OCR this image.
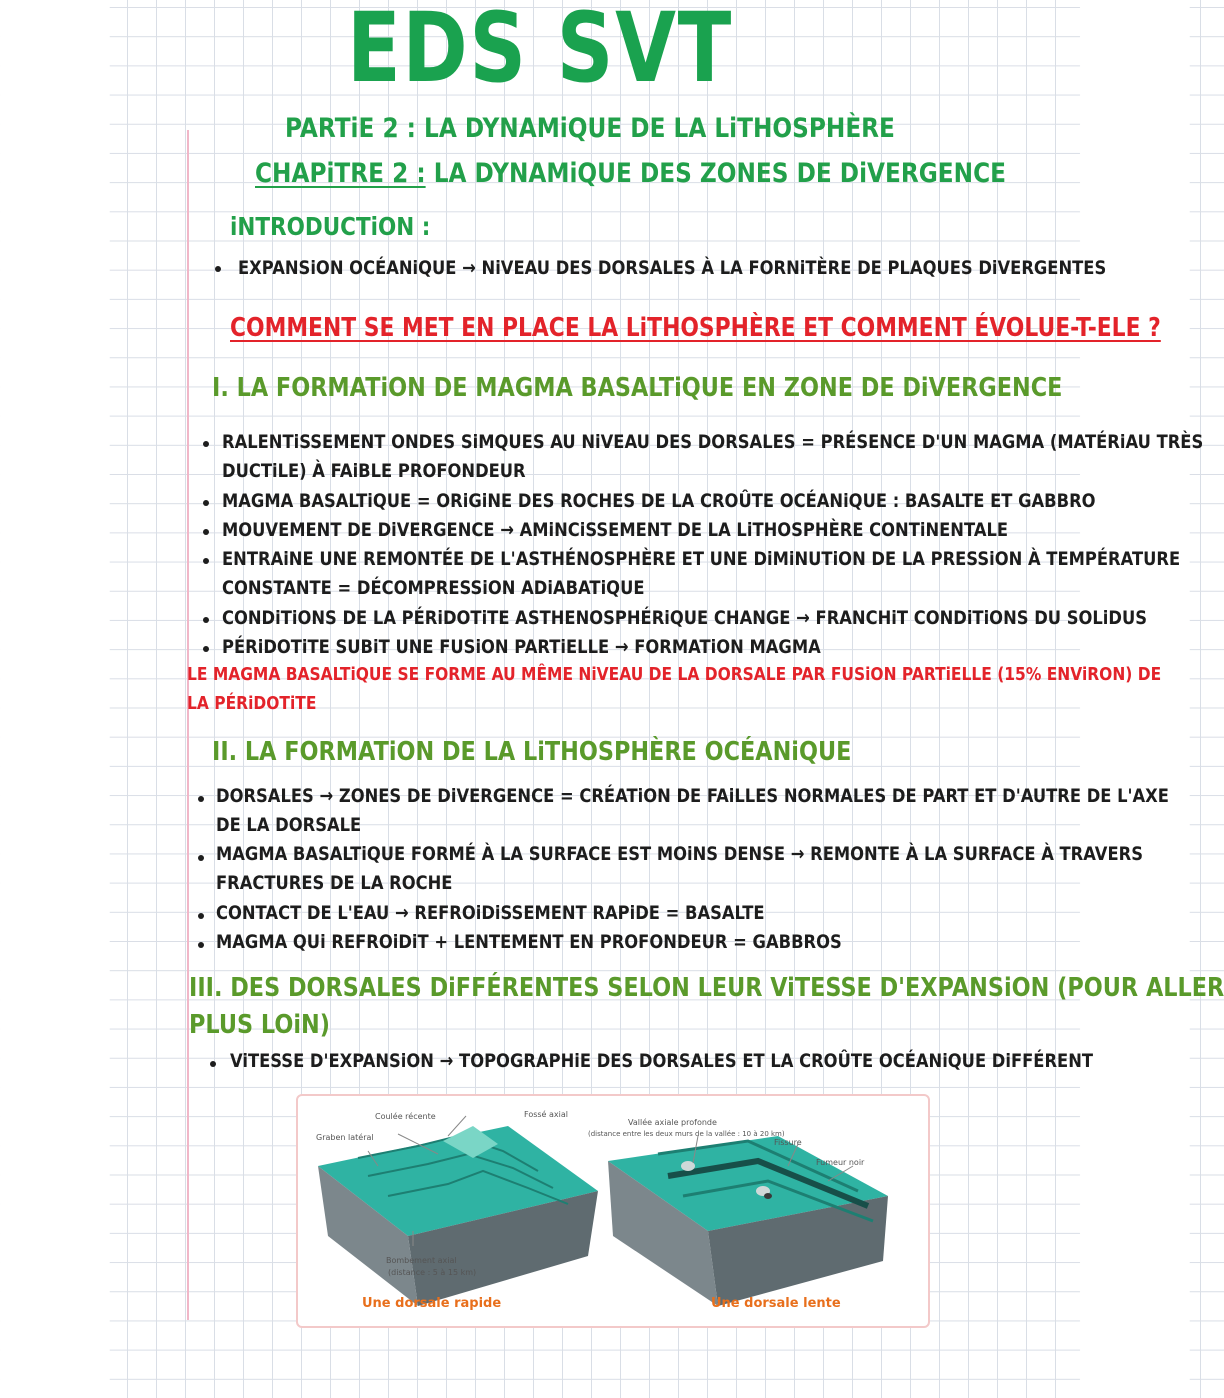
EDS SVT
PARTiE 2 : LA DYNAMiQUE DE LA LiTHOSPHÈRE
CHAPiTRE 2 : LA DYNAMiQUE DES ZONES DE DiVERGENCE
iNTRODUCTiON :
EXPANSiON OCÉANiQUE → NiVEAU DES DORSALES À LA FORNiTÈRE DE PLAQUES DiVERGENTES
COMMENT SE MET EN PLACE LA LiTHOSPHÈRE ET COMMENT ÉVOLUE-T-ELE ?
I. LA FORMATiON DE MAGMA BASALTiQUE EN ZONE DE DiVERGENCE
RALENTiSSEMENT ONDES SiMQUES AU NiVEAU DES DORSALES = PRÉSENCE D'UN MAGMA (MATÉRiAU TRÈS
DUCTiLE) À FAiBLE PROFONDEUR
MAGMA BASALTiQUE = ORiGiNE DES ROCHES DE LA CROÛTE OCÉANiQUE : BASALTE ET GABBRO
MOUVEMENT DE DiVERGENCE → AMiNCiSSEMENT DE LA LiTHOSPHÈRE CONTiNENTALE
ENTRAiNE UNE REMONTÉE DE L'ASTHÉNOSPHÈRE ET UNE DiMiNUTiON DE LA PRESSiON À TEMPÉRATURE
CONSTANTE = DÉCOMPRESSiON ADiABATiQUE
CONDiTiONS DE LA PÉRiDOTiTE ASTHENOSPHÉRiQUE CHANGE → FRANCHiT CONDiTiONS DU SOLiDUS
PÉRiDOTiTE SUBiT UNE FUSiON PARTiELLE → FORMATiON MAGMA
LE MAGMA BASALTiQUE SE FORME AU MÊME NiVEAU DE LA DORSALE PAR FUSiON PARTiELLE (15% ENViRON) DE
LA PÉRiDOTiTE
II. LA FORMATiON DE LA LiTHOSPHÈRE OCÉANiQUE
DORSALES → ZONES DE DiVERGENCE = CRÉATiON DE FAiLLES NORMALES DE PART ET D'AUTRE DE L'AXE
DE LA DORSALE
MAGMA BASALTiQUE FORMÉ À LA SURFACE EST MOiNS DENSE → REMONTE À LA SURFACE À TRAVERS
FRACTURES DE LA ROCHE
CONTACT DE L'EAU → REFROiDiSSEMENT RAPiDE = BASALTE
MAGMA QUi REFROiDiT + LENTEMENT EN PROFONDEUR = GABBROS
III. DES DORSALES DiFFÉRENTES SELON LEUR ViTESSE D'EXPANSiON (POUR ALLER
PLUS LOiN)
ViTESSE D'EXPANSiON → TOPOGRAPHiE DES DORSALES ET LA CROÛTE OCÉANiQUE DiFFÉRENT
Coulée récente	Fossé axial
Graben latéral
Bombement axial
(distance : 5 à 15 km)
Une dorsale rapide
Vallée axiale profonde
(distance entre les deux murs de la vallée : 10 à 20 km)
Fissure
Fumeur noir
Une dorsale lente
